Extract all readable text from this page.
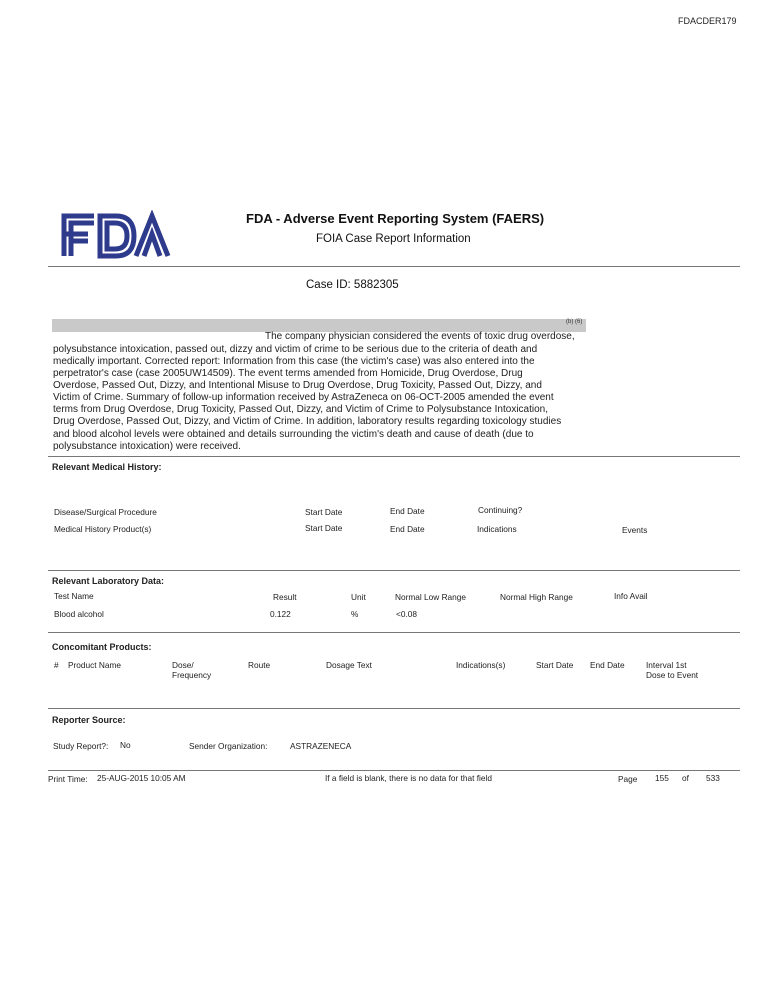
FDACDER179
FDA - Adverse Event Reporting System (FAERS)
FOIA Case Report Information
Case ID: 5882305
(b) (6)
The company physician considered the events of toxic drug overdose,
polysubstance intoxication, passed out, dizzy and victim of crime to be serious due to the criteria of death and
medically important. Corrected report: Information from this case (the victim's case) was also entered into the
perpetrator's case (case 2005UW14509). The event terms amended from Homicide, Drug Overdose, Drug
Overdose, Passed Out, Dizzy, and Intentional Misuse to Drug Overdose, Drug Toxicity, Passed Out, Dizzy, and
Victim of Crime. Summary of follow-up information received by AstraZeneca on 06-OCT-2005 amended the event
terms from Drug Overdose, Drug Toxicity, Passed Out, Dizzy, and Victim of Crime to Polysubstance Intoxication,
Drug Overdose, Passed Out, Dizzy, and Victim of Crime. In addition, laboratory results regarding toxicology studies
and blood alcohol levels were obtained and details surrounding the victim's death and cause of death (due to
polysubstance intoxication) were received.
Relevant Medical History:
Disease/Surgical Procedure	Start Date	End Date	Continuing?
Medical History Product(s)	Start Date	End Date	Indications	Events
Relevant Laboratory Data:
Test Name	Result	Unit	Normal Low Range	Normal High Range	Info Avail
Blood alcohol	0.122	%	<0.08
Concomitant Products:
# Product Name	Dose/
Frequency
Route	Dosage Text	Indications(s)	Start Date End Date	Interval 1st
Dose to Event
Reporter Source:
Study Report?: No	Sender Organization:	ASTRAZENECA
Print Time: 25-AUG-2015 10:05 AM	If a field is blank, there is no data for that field	Page 155 of 533
